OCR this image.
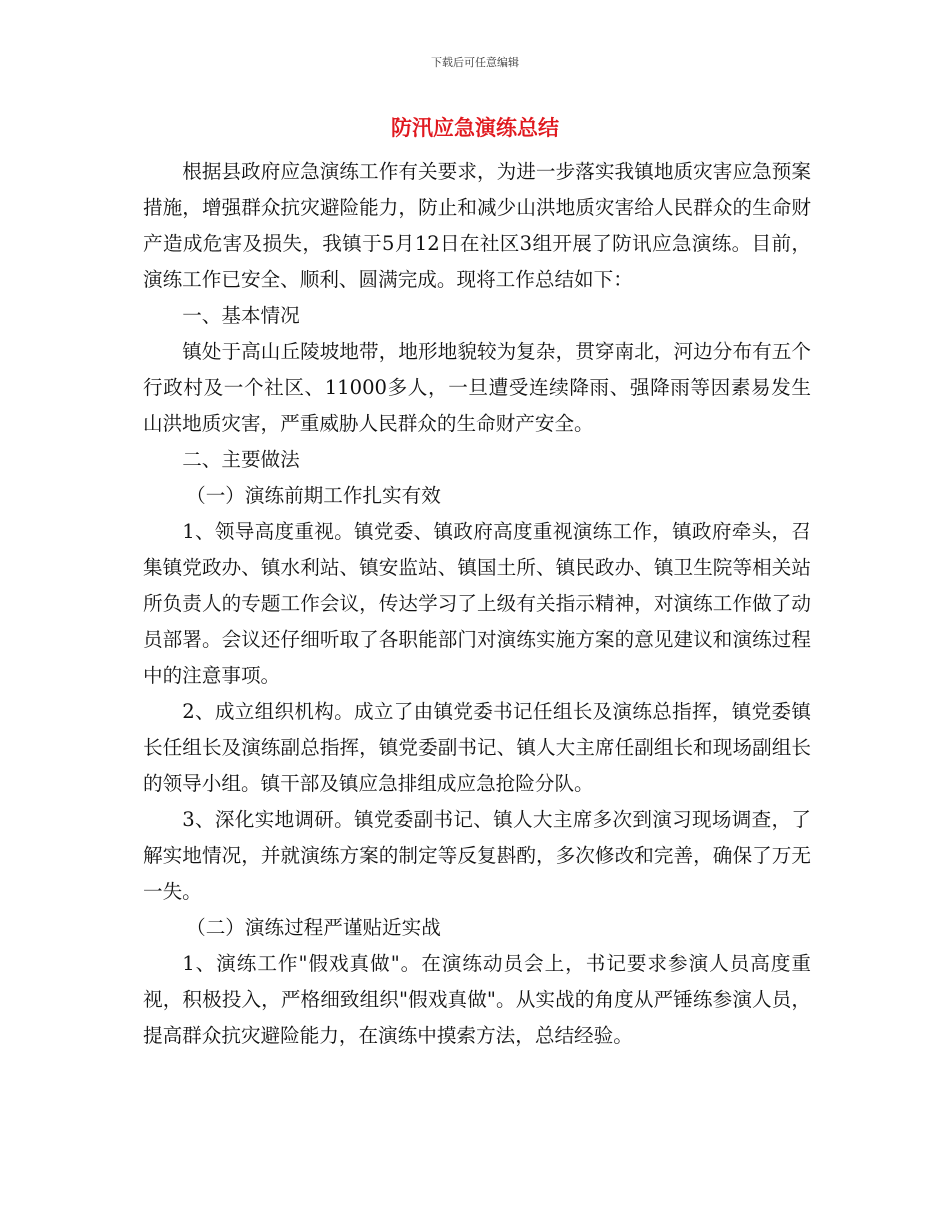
下载后可任意编辑
防汛应急演练总结

根据县政府应急演练工作有关要求，为进一步落实我镇地质灾害应急预案措施，增强群众抗灾避险能力，防止和减少山洪地质灾害给人民群众的生命财产造成危害及损失，我镇于5月12日在社区3组开展了防讯应急演练。目前，演练工作已安全、顺利、圆满完成。现将工作总结如下：

一、基本情况

镇处于高山丘陵坡地带，地形地貌较为复杂，贯穿南北，河边分布有五个行政村及一个社区、11000多人，一旦遭受连续降雨、强降雨等因素易发生山洪地质灾害，严重威胁人民群众的生命财产安全。

二、主要做法

（一）演练前期工作扎实有效

1、领导高度重视。镇党委、镇政府高度重视演练工作，镇政府牵头，召集镇党政办、镇水利站、镇安监站、镇国土所、镇民政办、镇卫生院等相关站所负责人的专题工作会议，传达学习了上级有关指示精神，对演练工作做了动员部署。会议还仔细听取了各职能部门对演练实施方案的意见建议和演练过程中的注意事项。

2、成立组织机构。成立了由镇党委书记任组长及演练总指挥，镇党委镇长任组长及演练副总指挥，镇党委副书记、镇人大主席任副组长和现场副组长的领导小组。镇干部及镇应急排组成应急抢险分队。

3、深化实地调研。镇党委副书记、镇人大主席多次到演习现场调查，了解实地情况，并就演练方案的制定等反复斟酌，多次修改和完善，确保了万无一失。

（二）演练过程严谨贴近实战

1、演练工作"假戏真做"。在演练动员会上，书记要求参演人员高度重视，积极投入，严格细致组织"假戏真做"。从实战的角度从严锤练参演人员，提高群众抗灾避险能力，在演练中摸索方法，总结经验。
